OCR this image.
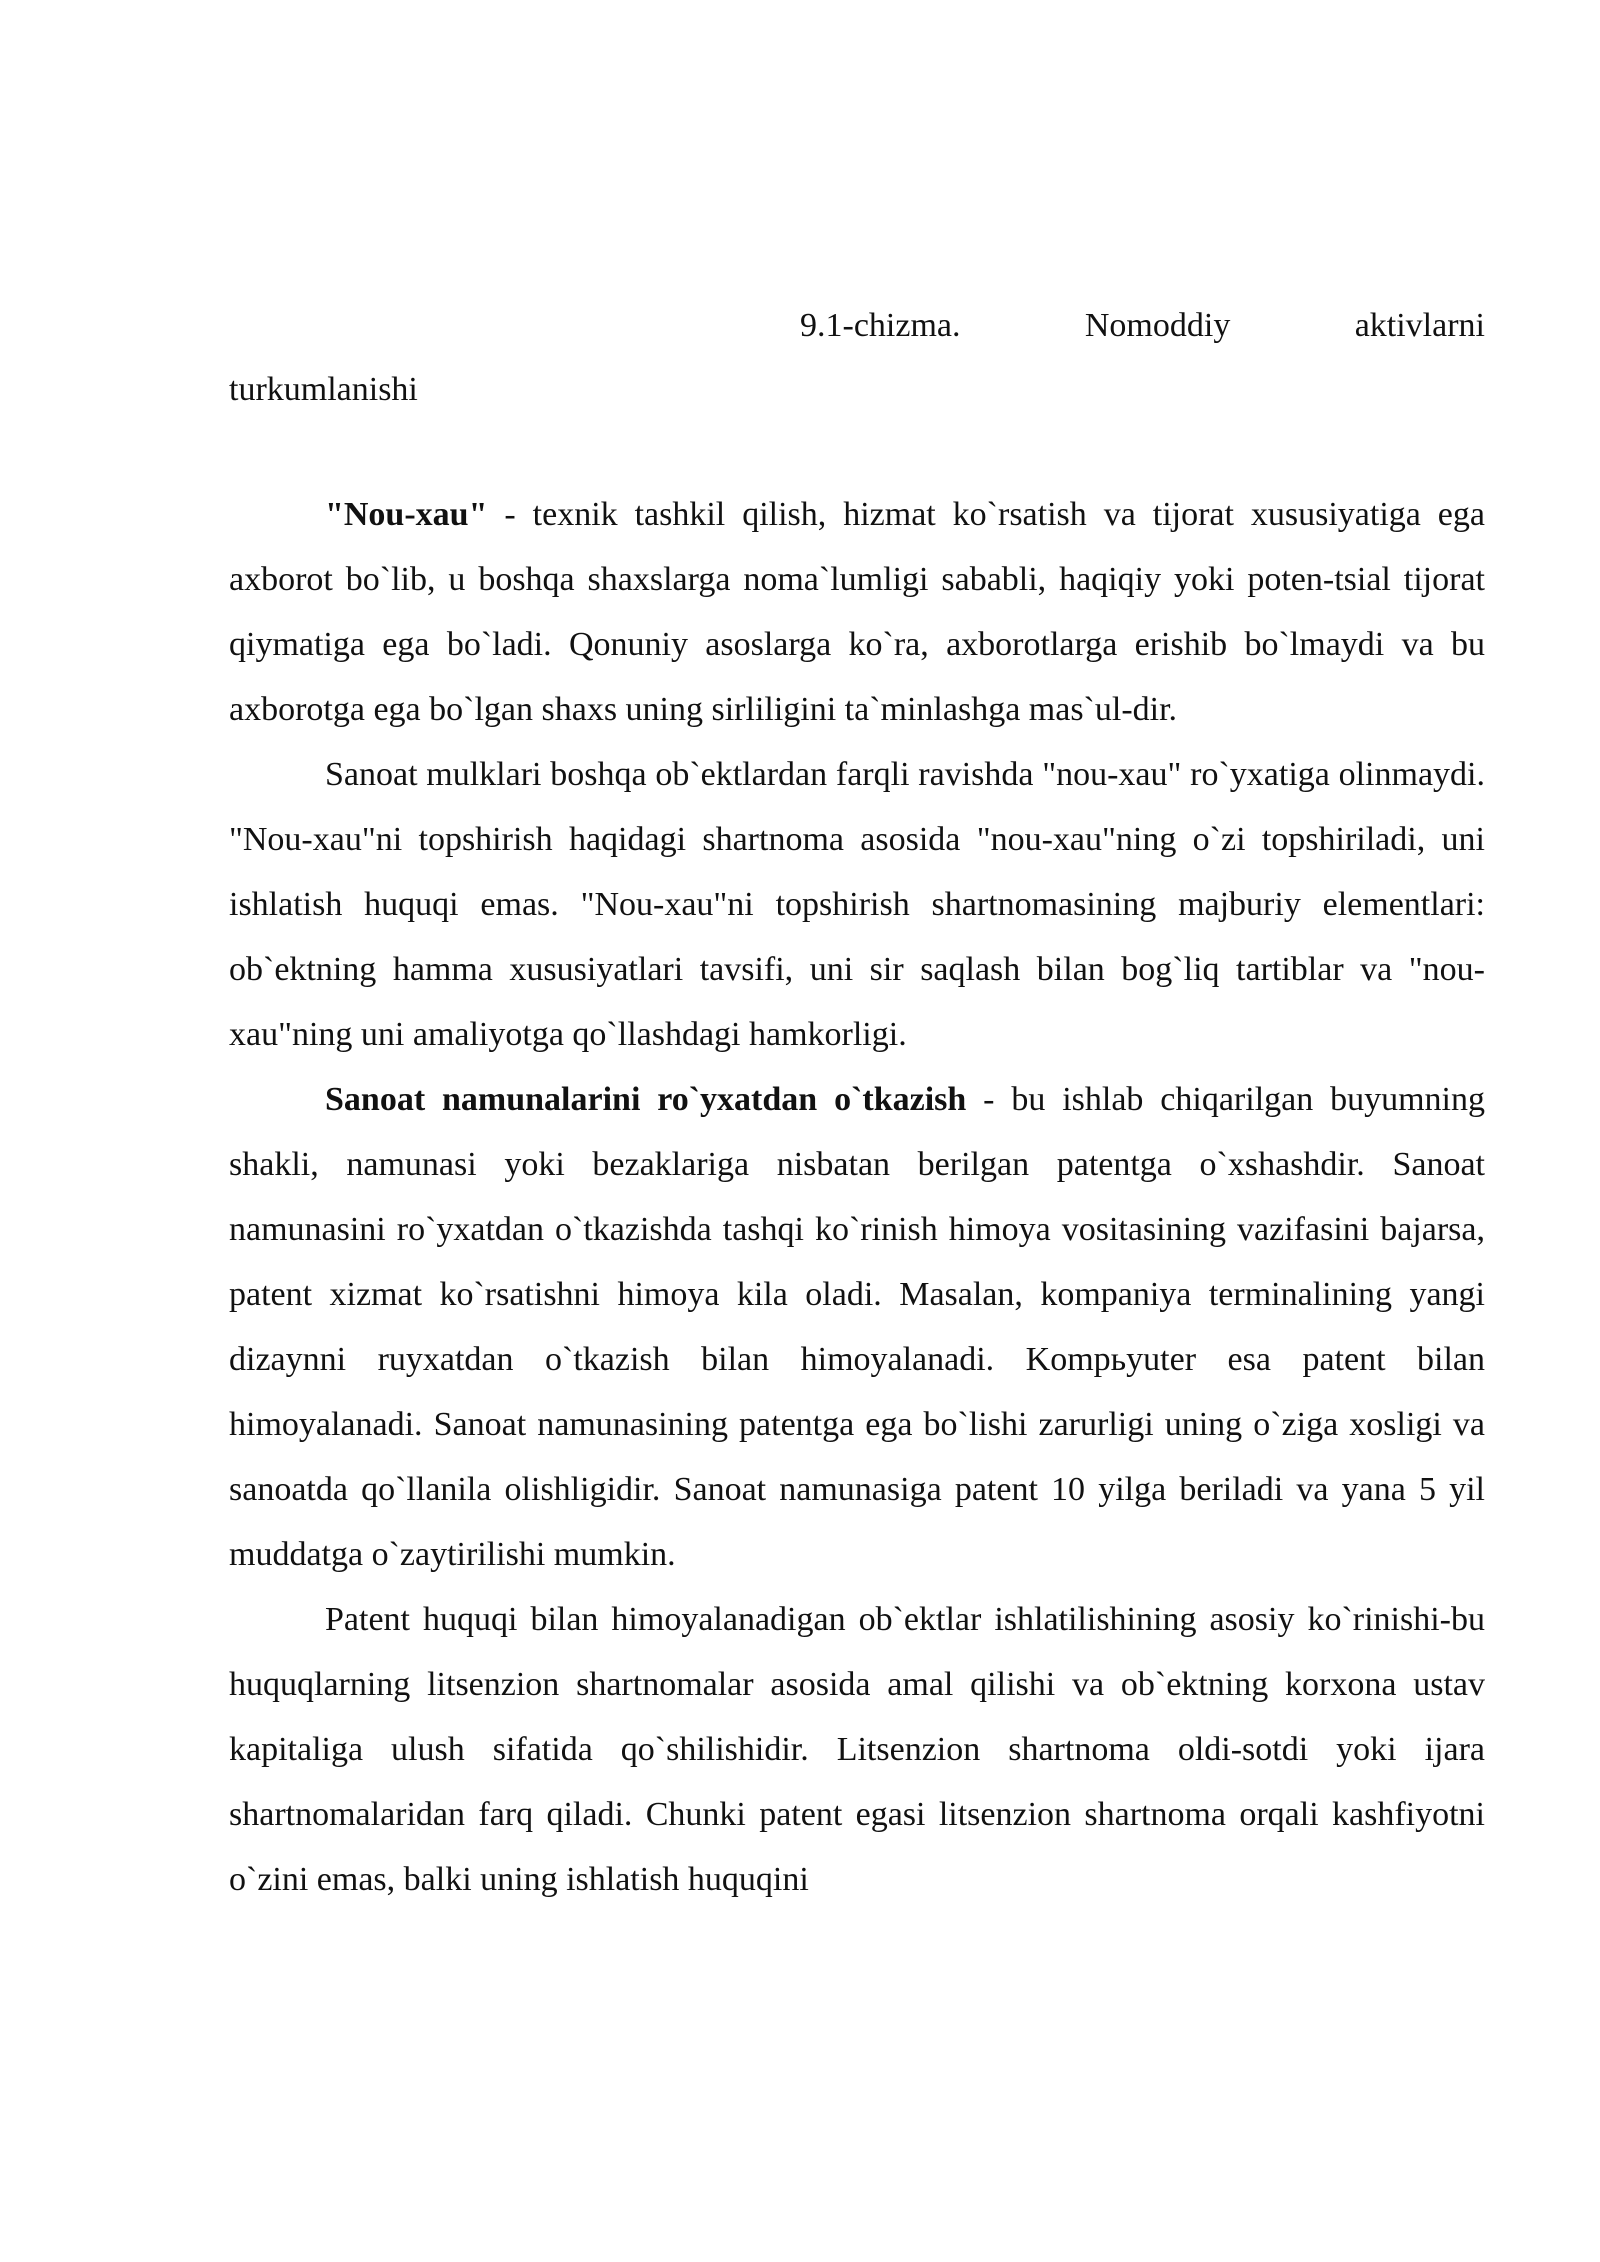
9.1-chizma.	Nomoddiy	aktivlarni
turkumlanishi

"Nou-xau" - texnik tashkil qilish, hizmat ko`rsatish va tijorat xususiyatiga ega axborot bo`lib, u boshqa shaxslarga noma`lumligi sababli, haqiqiy yoki poten-tsial tijorat qiymatiga ega bo`ladi. Qonuniy asoslarga ko`ra, axborotlarga erishib bo`lmaydi va bu axborotga ega bo`lgan shaxs uning sirliligini ta`minlashga mas`ul-dir.

Sanoat mulklari boshqa ob`ektlardan farqli ravishda "nou-xau" ro`yxatiga olinmaydi. "Nou-xau"ni topshirish haqidagi shartnoma asosida "nou-xau"ning o`zi topshiriladi, uni ishlatish huquqi emas. "Nou-xau"ni topshirish shartnomasining majburiy elementlari: ob`ektning hamma xususiyatlari tavsifi, uni sir saqlash bilan bog`liq tartiblar va "nou-xau"ning uni amaliyotga qo`llashdagi hamkorligi.

Sanoat namunalarini ro`yxatdan o`tkazish - bu ishlab chiqarilgan buyumning shakli, namunasi yoki bezaklariga nisbatan berilgan patentga o`xshashdir. Sanoat namunasini ro`yxatdan o`tkazishda tashqi ko`rinish himoya vositasining vazifasini bajarsa, patent xizmat ko`rsatishni himoya kila oladi. Masalan, kompaniya terminalining yangi dizaynni ruyxatdan o`tkazish bilan himoyalanadi. Kompьyuter esa patent bilan himoyalanadi. Sanoat namunasining patentga ega bo`lishi zarurligi uning o`ziga xosligi va sanoatda qo`llanila olishligidir. Sanoat namunasiga patent 10 yilga beriladi va yana 5 yil muddatga o`zaytirilishi mumkin.

Patent huquqi bilan himoyalanadigan ob`ektlar ishlatilishining asosiy ko`rinishi-bu huquqlarning litsenzion shartnomalar asosida amal qilishi va ob`ektning korxona ustav kapitaliga ulush sifatida qo`shilishidir. Litsenzion shartnoma oldi-sotdi yoki ijara shartnomalaridan farq qiladi. Chunki patent egasi litsenzion shartnoma orqali kashfiyotni o`zini emas, balki uning ishlatish huquqini
